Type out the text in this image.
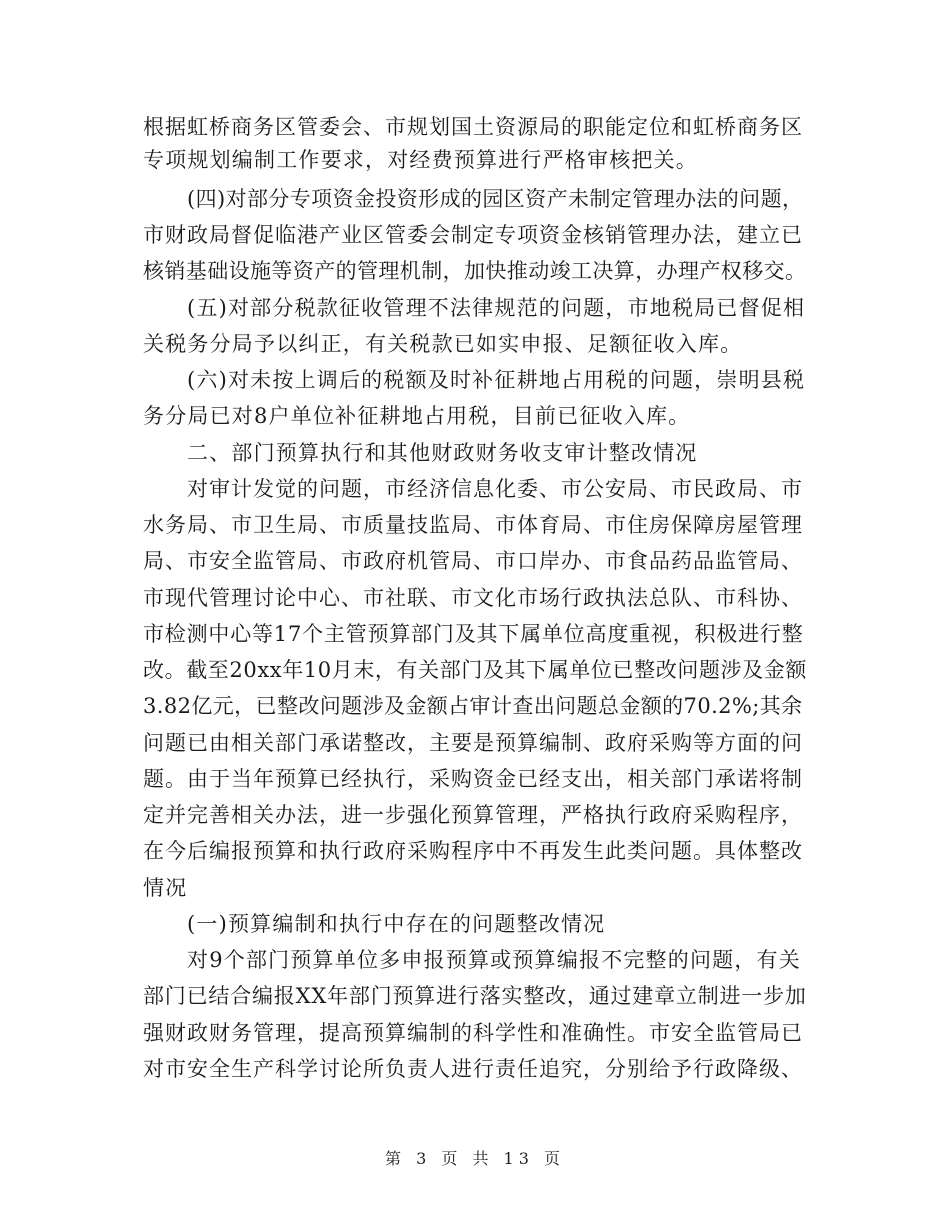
根据虹桥商务区管委会、市规划国土资源局的职能定位和虹桥商务区
专项规划编制工作要求，对经费预算进行严格审核把关。
(四)对部分专项资金投资形成的园区资产未制定管理办法的问题，
市财政局督促临港产业区管委会制定专项资金核销管理办法，建立已
核销基础设施等资产的管理机制，加快推动竣工决算，办理产权移交。
(五)对部分税款征收管理不法律规范的问题，市地税局已督促相
关税务分局予以纠正，有关税款已如实申报、足额征收入库。
(六)对未按上调后的税额及时补征耕地占用税的问题，崇明县税
务分局已对8户单位补征耕地占用税，目前已征收入库。
二、部门预算执行和其他财政财务收支审计整改情况
对审计发觉的问题，市经济信息化委、市公安局、市民政局、市
水务局、市卫生局、市质量技监局、市体育局、市住房保障房屋管理
局、市安全监管局、市政府机管局、市口岸办、市食品药品监管局、
市现代管理讨论中心、市社联、市文化市场行政执法总队、市科协、
市检测中心等17个主管预算部门及其下属单位高度重视，积极进行整
改。截至20xx年10月末，有关部门及其下属单位已整改问题涉及金额
3.82亿元，已整改问题涉及金额占审计查出问题总金额的70.2%;其余
问题已由相关部门承诺整改，主要是预算编制、政府采购等方面的问
题。由于当年预算已经执行，采购资金已经支出，相关部门承诺将制
定并完善相关办法，进一步强化预算管理，严格执行政府采购程序，
在今后编报预算和执行政府采购程序中不再发生此类问题。具体整改
情况
(一)预算编制和执行中存在的问题整改情况
对9个部门预算单位多申报预算或预算编报不完整的问题，有关
部门已结合编报XX年部门预算进行落实整改，通过建章立制进一步加
强财政财务管理，提高预算编制的科学性和准确性。市安全监管局已
对市安全生产科学讨论所负责人进行责任追究，分别给予行政降级、
第 3 页 共 13 页
